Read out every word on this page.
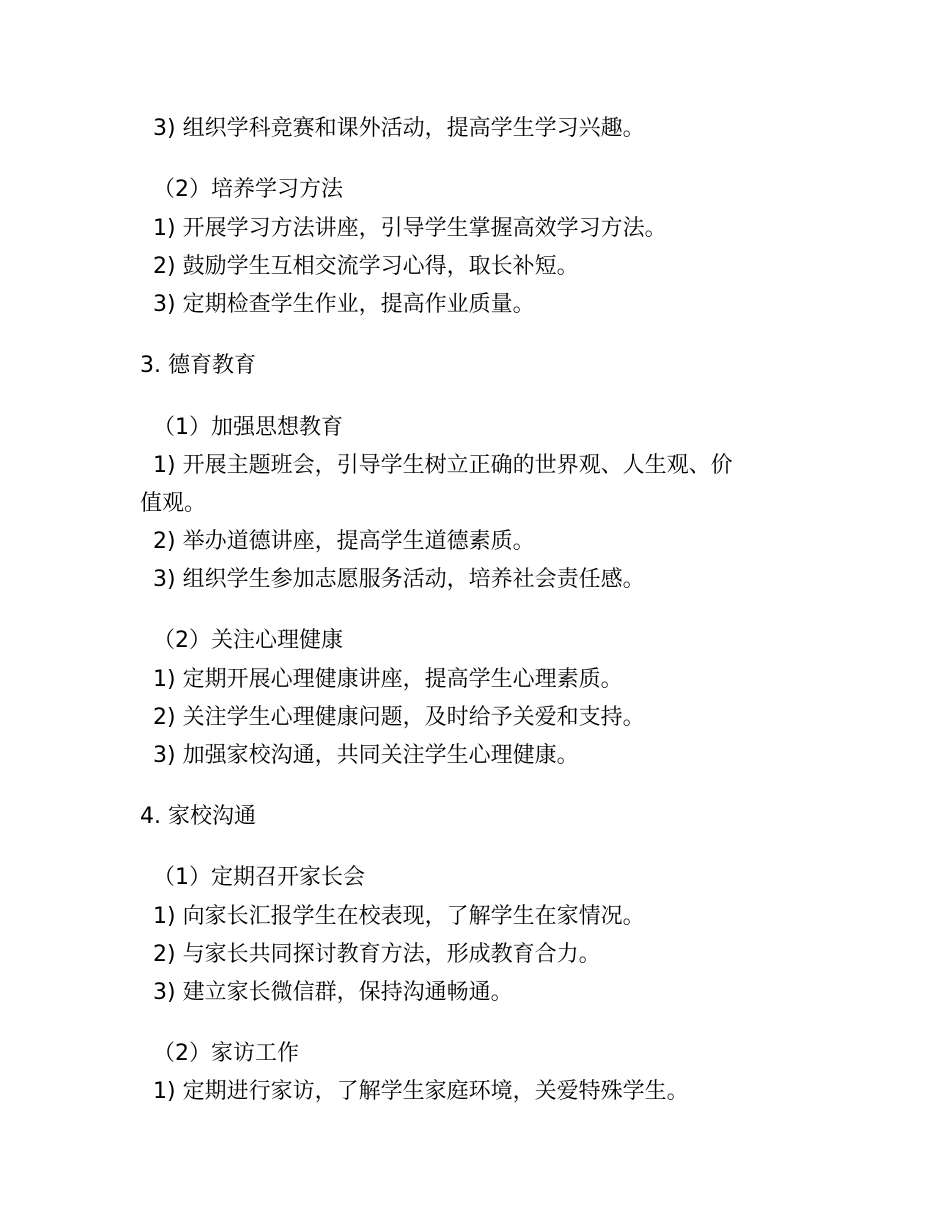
3) 组织学科竞赛和课外活动，提高学生学习兴趣。
（2）培养学习方法
1) 开展学习方法讲座，引导学生掌握高效学习方法。
2) 鼓励学生互相交流学习心得，取长补短。
3) 定期检查学生作业，提高作业质量。
3. 德育教育
（1）加强思想教育
1) 开展主题班会，引导学生树立正确的世界观、人生观、价
值观。
2) 举办道德讲座，提高学生道德素质。
3) 组织学生参加志愿服务活动，培养社会责任感。
（2）关注心理健康
1) 定期开展心理健康讲座，提高学生心理素质。
2) 关注学生心理健康问题，及时给予关爱和支持。
3) 加强家校沟通，共同关注学生心理健康。
4. 家校沟通
（1）定期召开家长会
1) 向家长汇报学生在校表现，了解学生在家情况。
2) 与家长共同探讨教育方法，形成教育合力。
3) 建立家长微信群，保持沟通畅通。
（2）家访工作
1) 定期进行家访，了解学生家庭环境，关爱特殊学生。
